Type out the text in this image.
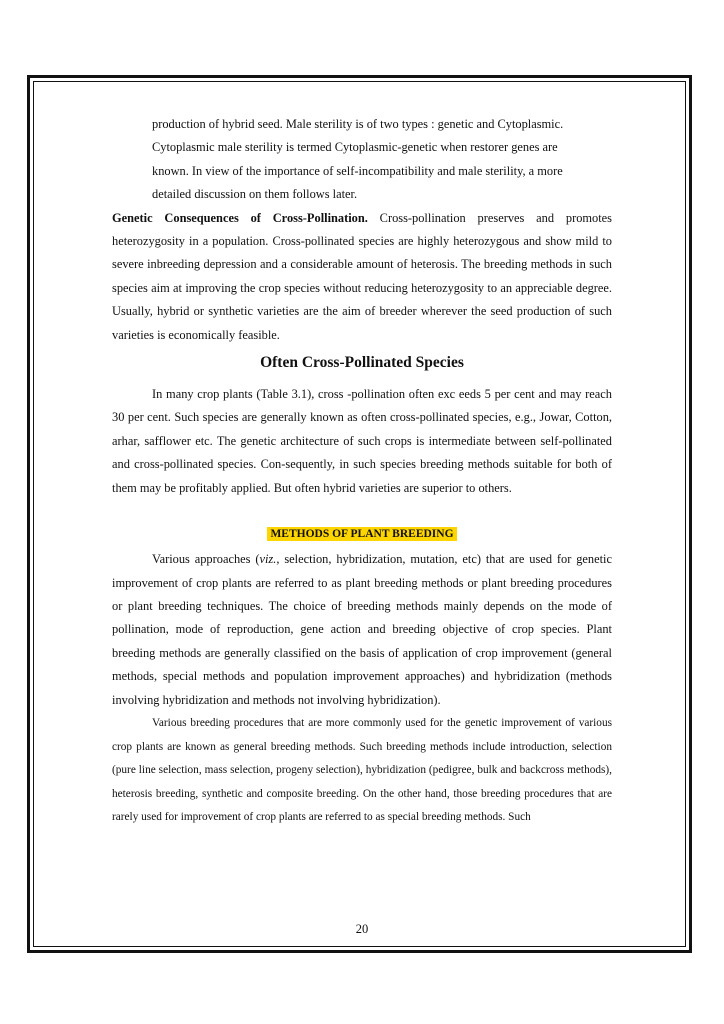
production of hybrid seed. Male sterility is of two types : genetic and Cytoplasmic.

Cytoplasmic male sterility is termed Cytoplasmic-genetic when restorer genes are

known. In view of the importance of self-incompatibility and male sterility, a more

detailed discussion on them follows later.

Genetic Consequences of Cross-Pollination. Cross-pollination preserves and promotes heterozygosity in a population. Cross-pollinated species are highly heterozygous and show mild to severe inbreeding depression and a considerable amount of heterosis. The breeding methods in such species aim at improving the crop species without reducing heterozygosity to an appreciable degree. Usually, hybrid or synthetic varieties are the aim of breeder wherever the seed production of such varieties is economically feasible.

Often Cross-Pollinated Species

In many crop plants (Table 3.1), cross -pollination often exc eeds 5 per cent and may reach 30 per cent. Such species are generally known as often cross-pollinated species, e.g., Jowar, Cotton, arhar, safflower etc. The genetic architecture of such crops is intermediate between self-pollinated and cross-pollinated species. Con-sequently, in such species breeding methods suitable for both of them may be profitably applied. But often hybrid varieties are superior to others.

METHODS OF PLANT BREEDING

Various approaches (viz., selection, hybridization, mutation, etc) that are used for genetic improvement of crop plants are referred to as plant breeding methods or plant breeding procedures or plant breeding techniques. The choice of breeding methods mainly depends on the mode of pollination, mode of reproduction, gene action and breeding objective of crop species. Plant breeding methods are generally classified on the basis of application of crop improvement (general methods, special methods and population improvement approaches) and hybridization (methods involving hybridization and methods not involving hybridization).

Various breeding procedures that are more commonly used for the genetic improvement of various crop plants are known as general breeding methods. Such breeding methods include introduction, selection (pure line selection, mass selection, progeny selection), hybridization (pedigree, bulk and backcross methods), heterosis breeding, synthetic and composite breeding. On the other hand, those breeding procedures that are rarely used for improvement of crop plants are referred to as special breeding methods. Such

20
